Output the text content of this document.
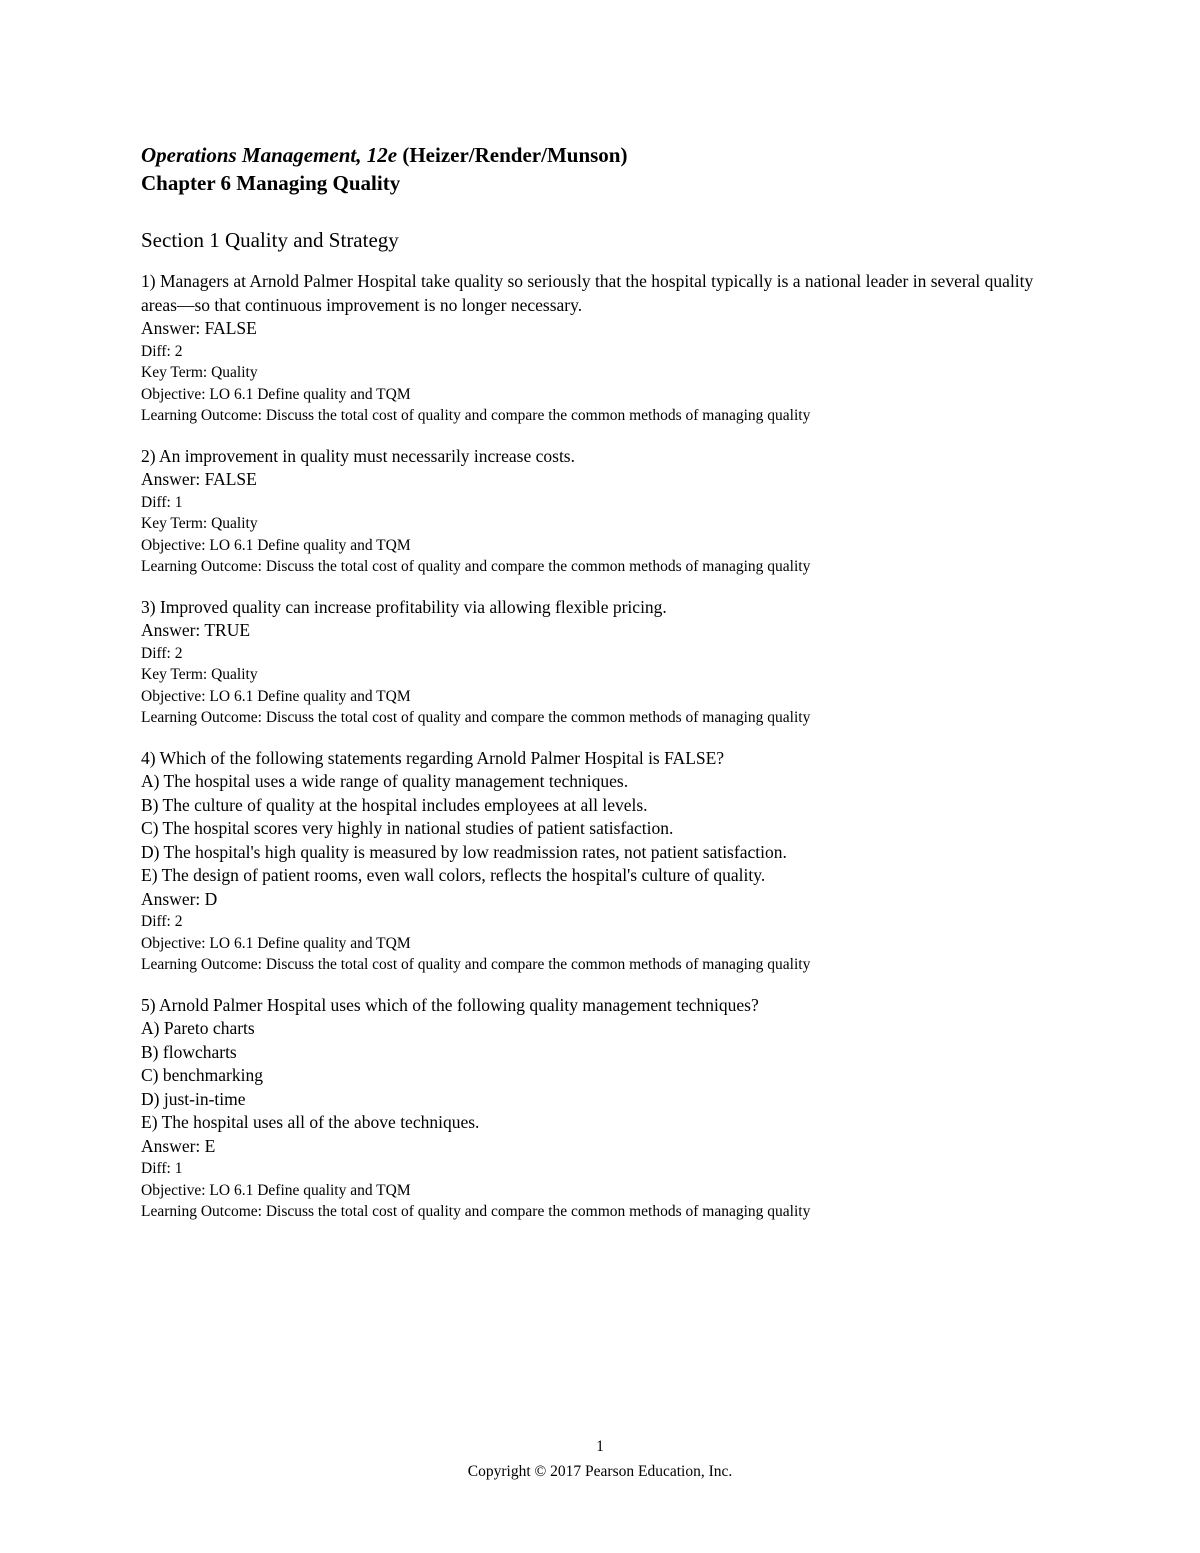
Operations Management, 12e (Heizer/Render/Munson)
Chapter 6 Managing Quality
Section 1 Quality and Strategy
1) Managers at Arnold Palmer Hospital take quality so seriously that the hospital typically is a national leader in several quality areas—so that continuous improvement is no longer necessary.
Answer: FALSE
Diff: 2
Key Term: Quality
Objective: LO 6.1 Define quality and TQM
Learning Outcome: Discuss the total cost of quality and compare the common methods of managing quality
2) An improvement in quality must necessarily increase costs.
Answer: FALSE
Diff: 1
Key Term: Quality
Objective: LO 6.1 Define quality and TQM
Learning Outcome: Discuss the total cost of quality and compare the common methods of managing quality
3) Improved quality can increase profitability via allowing flexible pricing.
Answer: TRUE
Diff: 2
Key Term: Quality
Objective: LO 6.1 Define quality and TQM
Learning Outcome: Discuss the total cost of quality and compare the common methods of managing quality
4) Which of the following statements regarding Arnold Palmer Hospital is FALSE?
A) The hospital uses a wide range of quality management techniques.
B) The culture of quality at the hospital includes employees at all levels.
C) The hospital scores very highly in national studies of patient satisfaction.
D) The hospital's high quality is measured by low readmission rates, not patient satisfaction.
E) The design of patient rooms, even wall colors, reflects the hospital's culture of quality.
Answer: D
Diff: 2
Objective: LO 6.1 Define quality and TQM
Learning Outcome: Discuss the total cost of quality and compare the common methods of managing quality
5) Arnold Palmer Hospital uses which of the following quality management techniques?
A) Pareto charts
B) flowcharts
C) benchmarking
D) just-in-time
E) The hospital uses all of the above techniques.
Answer: E
Diff: 1
Objective: LO 6.1 Define quality and TQM
Learning Outcome: Discuss the total cost of quality and compare the common methods of managing quality
1
Copyright © 2017 Pearson Education, Inc.
